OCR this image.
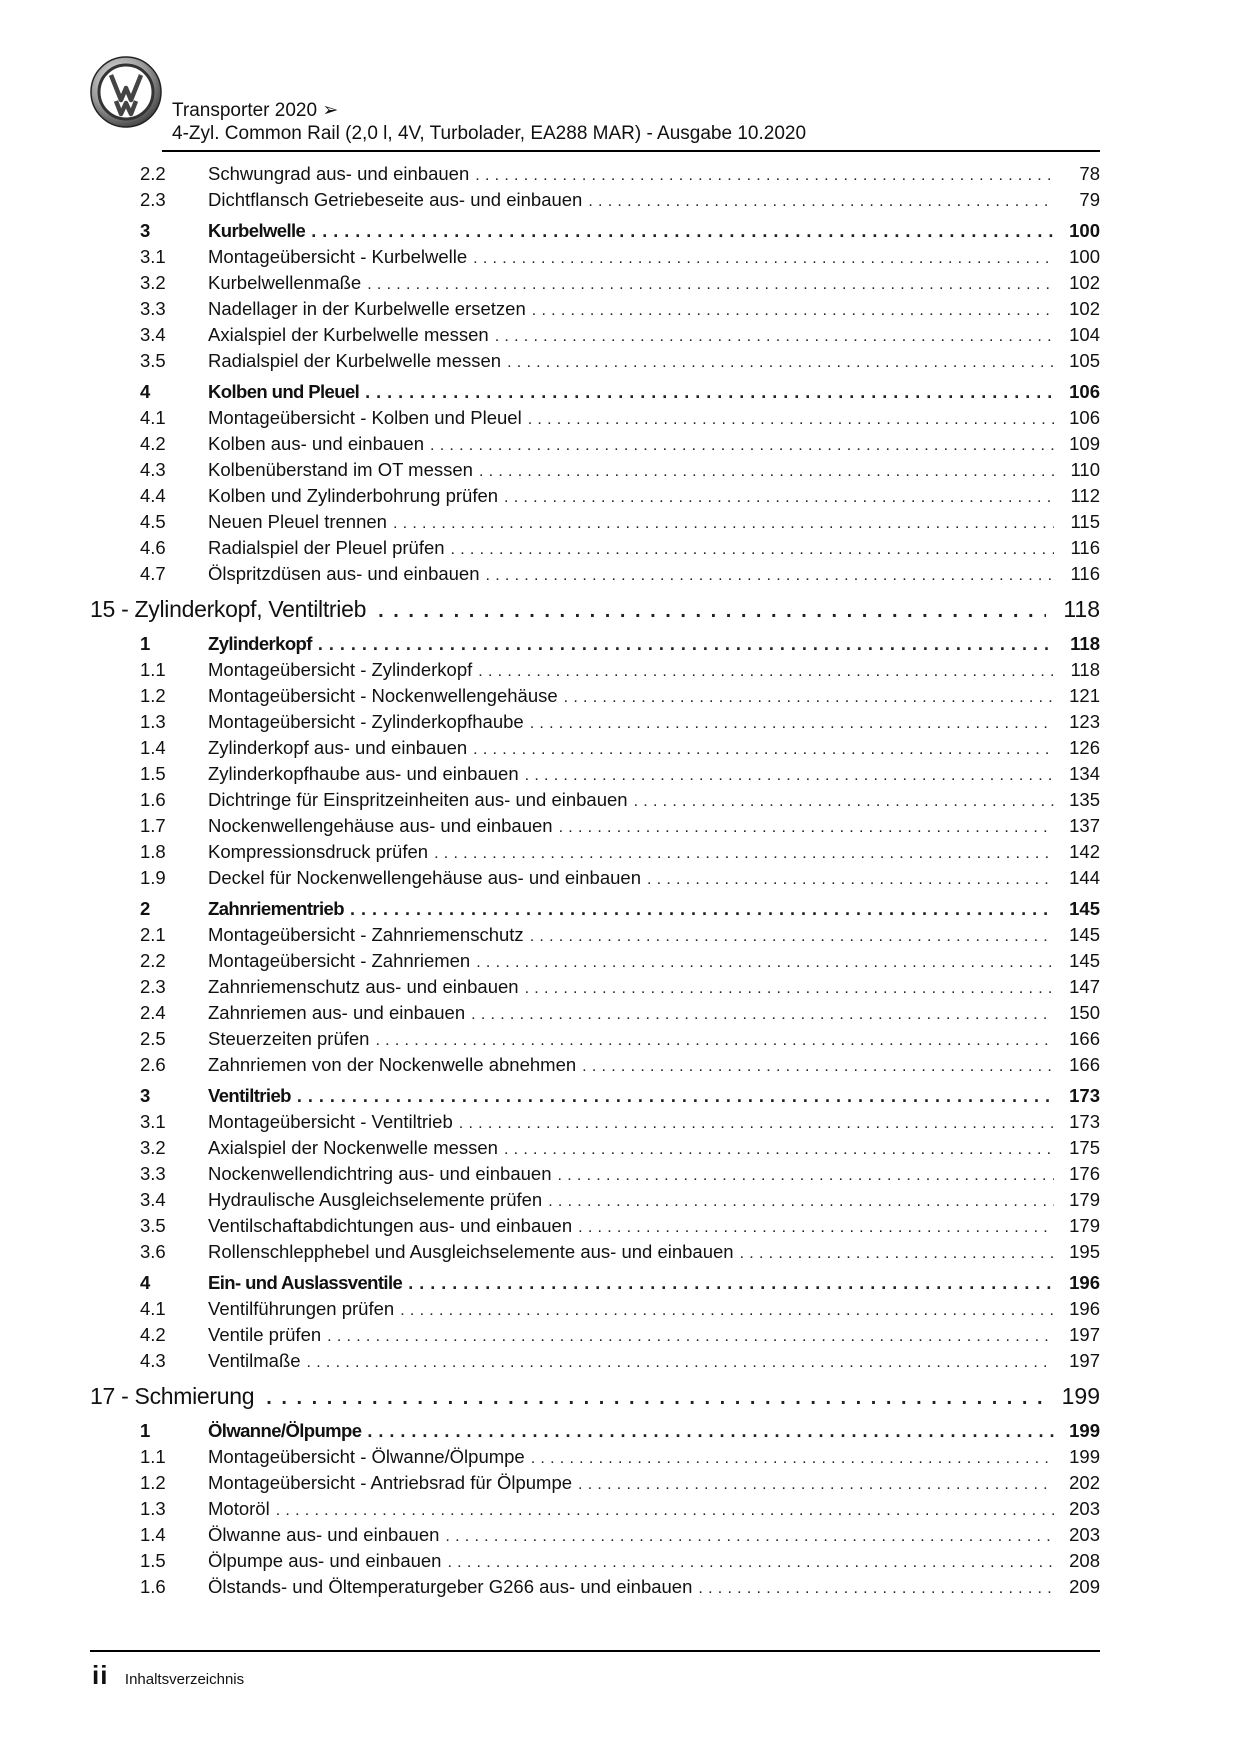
Transporter 2020 ➢
4-Zyl. Common Rail (2,0 l, 4V, Turbolader, EA288 MAR) - Ausgabe 10.2020
2.2	Schwungrad aus- und einbauen . . .	78
2.3	Dichtflansch Getriebeseite aus- und einbauen . . .	79
3	Kurbelwelle . . .	100
3.1	Montageübersicht - Kurbelwelle . . .	100
3.2	Kurbelwellenmaße . . .	102
3.3	Nadellager in der Kurbelwelle ersetzen . . .	102
3.4	Axialspiel der Kurbelwelle messen . . .	104
3.5	Radialspiel der Kurbelwelle messen . . .	105
4	Kolben und Pleuel . . .	106
4.1	Montageübersicht - Kolben und Pleuel . . .	106
4.2	Kolben aus- und einbauen . . .	109
4.3	Kolbenüberstand im OT messen . . .	110
4.4	Kolben und Zylinderbohrung prüfen . . .	112
4.5	Neuen Pleuel trennen . . .	115
4.6	Radialspiel der Pleuel prüfen . . .	116
4.7	Ölspritzdüsen aus- und einbauen . . .	116
15 - Zylinderkopf, Ventiltrieb . . .	118
1	Zylinderkopf . . .	118
1.1	Montageübersicht - Zylinderkopf . . .	118
1.2	Montageübersicht - Nockenwellengehäuse . . .	121
1.3	Montageübersicht - Zylinderkopfhaube . . .	123
1.4	Zylinderkopf aus- und einbauen . . .	126
1.5	Zylinderkopfhaube aus- und einbauen . . .	134
1.6	Dichtringe für Einspritzeinheiten aus- und einbauen . . .	135
1.7	Nockenwellengehäuse aus- und einbauen . . .	137
1.8	Kompressionsdruck prüfen . . .	142
1.9	Deckel für Nockenwellengehäuse aus- und einbauen . . .	144
2	Zahnriementrieb . . .	145
2.1	Montageübersicht - Zahnriemenschutz . . .	145
2.2	Montageübersicht - Zahnriemen . . .	145
2.3	Zahnriemenschutz aus- und einbauen . . .	147
2.4	Zahnriemen aus- und einbauen . . .	150
2.5	Steuerzeiten prüfen . . .	166
2.6	Zahnriemen von der Nockenwelle abnehmen . . .	166
3	Ventiltrieb . . .	173
3.1	Montageübersicht - Ventiltrieb . . .	173
3.2	Axialspiel der Nockenwelle messen . . .	175
3.3	Nockenwellendichtring aus- und einbauen . . .	176
3.4	Hydraulische Ausgleichselemente prüfen . . .	179
3.5	Ventilschaftabdichtungen aus- und einbauen . . .	179
3.6	Rollenschlepphebel und Ausgleichselemente aus- und einbauen . . .	195
4	Ein- und Auslassventile . . .	196
4.1	Ventilführungen prüfen . . .	196
4.2	Ventile prüfen . . .	197
4.3	Ventilmaße . . .	197
17 - Schmierung . . .	199
1	Ölwanne/Ölpumpe . . .	199
1.1	Montageübersicht - Ölwanne/Ölpumpe . . .	199
1.2	Montageübersicht - Antriebsrad für Ölpumpe . . .	202
1.3	Motoröl . . .	203
1.4	Ölwanne aus- und einbauen . . .	203
1.5	Ölpumpe aus- und einbauen . . .	208
1.6	Ölstands- und Öltemperaturgeber G266 aus- und einbauen . . .	209
ii Inhaltsverzeichnis
